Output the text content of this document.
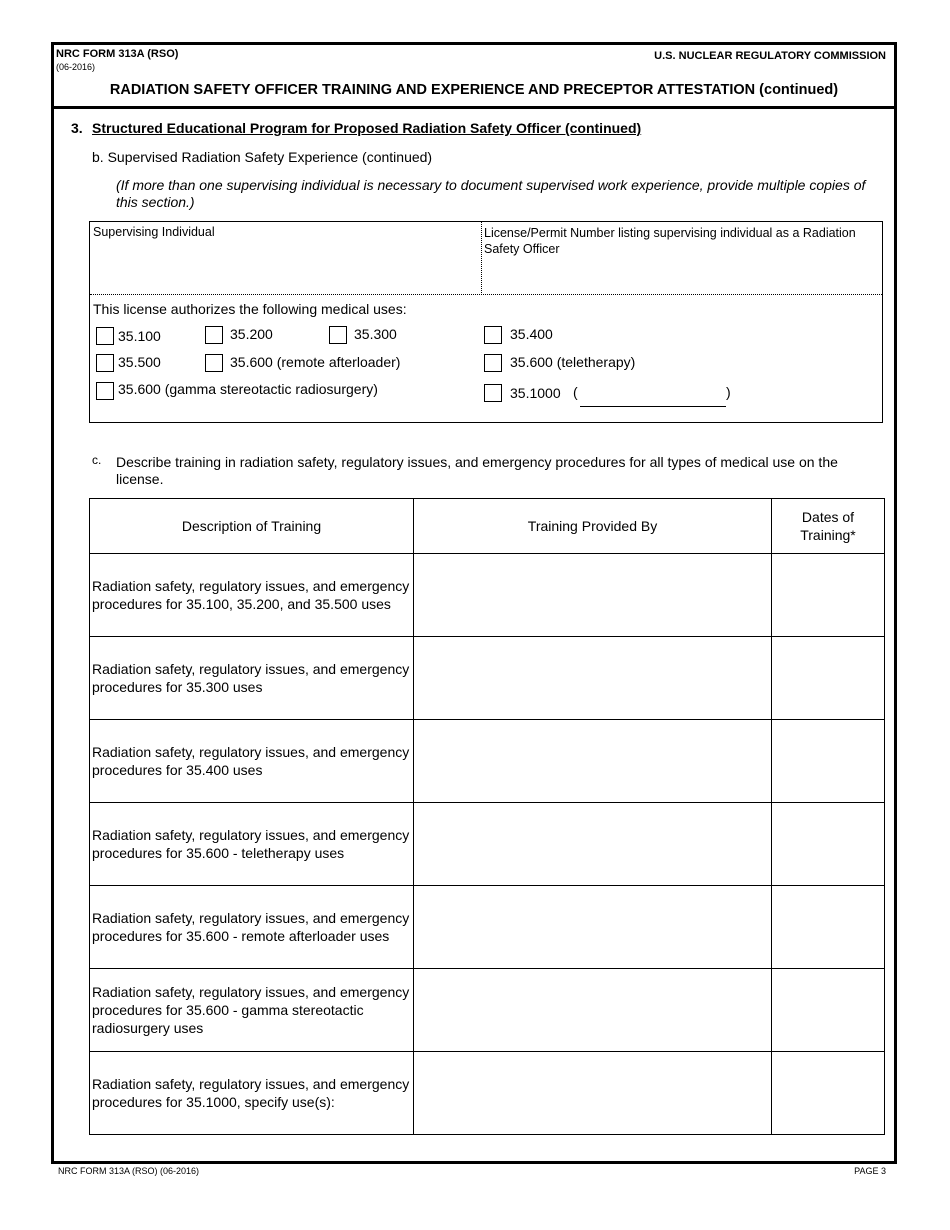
NRC FORM 313A (RSO)
(06-2016)
U.S. NUCLEAR REGULATORY COMMISSION
RADIATION SAFETY OFFICER TRAINING AND EXPERIENCE AND PRECEPTOR ATTESTATION (continued)
3. Structured Educational Program for Proposed Radiation Safety Officer (continued)
b. Supervised Radiation Safety Experience (continued)
(If more than one supervising individual is necessary to document supervised work experience, provide multiple copies of this section.)
Supervising Individual	License/Permit Number listing supervising individual as a Radiation Safety Officer
This license authorizes the following medical uses:
35.100	35.200	35.300	35.400
35.500	35.600 (remote afterloader)	35.600 (teletherapy)
35.600 (gamma stereotactic radiosurgery)	35.1000 (	)
c. Describe training in radiation safety, regulatory issues, and emergency procedures for all types of medical use on the license.
Description of Training	Training Provided By	Dates of Training*
Radiation safety, regulatory issues, and emergency procedures for 35.100, 35.200, and 35.500 uses		
Radiation safety, regulatory issues, and emergency procedures for 35.300 uses		
Radiation safety, regulatory issues, and emergency procedures for 35.400 uses		
Radiation safety, regulatory issues, and emergency procedures for 35.600 - teletherapy uses		
Radiation safety, regulatory issues, and emergency procedures for 35.600 - remote afterloader uses		
Radiation safety, regulatory issues, and emergency procedures for 35.600 - gamma stereotactic radiosurgery uses		
Radiation safety, regulatory issues, and emergency procedures for 35.1000, specify use(s):		
NRC FORM 313A (RSO) (06-2016)	PAGE 3
